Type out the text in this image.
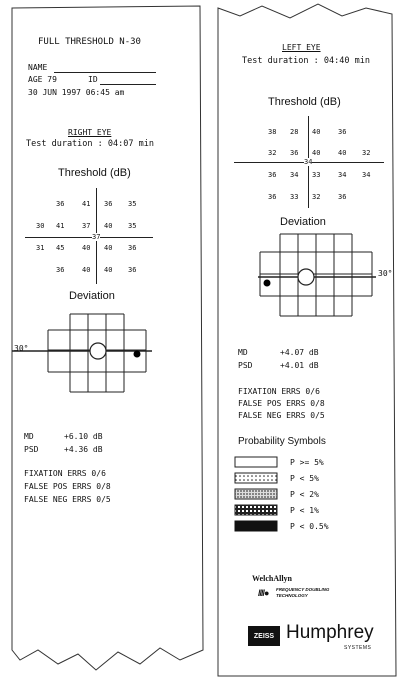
FULL THRESHOLD N-30
NAME
AGE 79	ID
30 JUN 1997 06:45 am
RIGHT EYE
Test duration : 04:07 min
Threshold (dB)
37
36	41 36 35
30 41	37 40 35
31 45	40 40 36
36	40 40 36
Deviation
30°
MD	+6.10 dB
PSD	+4.36 dB
FIXATION ERRS 0/6
FALSE POS ERRS 0/8
FALSE NEG ERRS 0/5
LEFT EYE
Test duration : 04:40 min
Threshold (dB)
34
38 28 40	36
32 36 40	40 32
36 34 33	34 34
36 33 32	36
Deviation
30°
MD	+4.07 dB
PSD	+4.01 dB
FIXATION ERRS 0/6
FALSE POS ERRS 0/8
FALSE NEG ERRS 0/5
Probability Symbols
P >= 5%
P < 5%
P < 2%
P < 1%
P < 0.5%
WelchAllyn
////● FREQUENCY DOUBLING
TECHNOLOGY
ZEISS Humphrey
SYSTEMS
